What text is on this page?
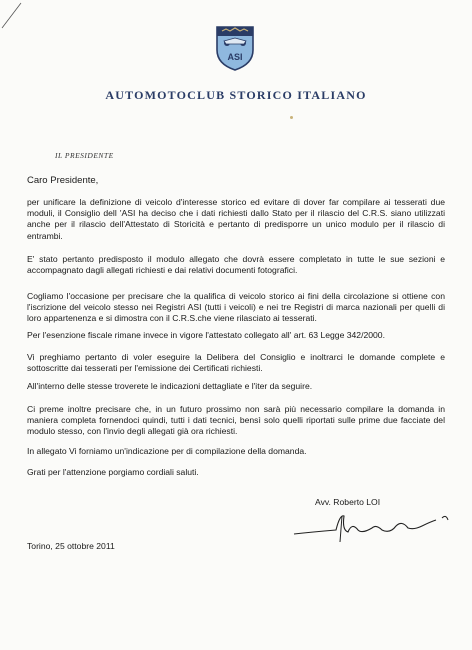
ASI
AUTOMOTOCLUB STORICO ITALIANO
IL PRESIDENTE
Caro Presidente,
per unificare la definizione di veicolo d'interesse storico ed evitare di dover far compilare ai tesserati due moduli, il Consiglio dell 'ASI ha deciso che i dati richiesti dallo Stato per il rilascio del C.R.S. siano utilizzati anche per il rilascio dell'Attestato di Storicità e pertanto di predisporre un unico modulo per il rilascio di entrambi.
E' stato pertanto predisposto il modulo allegato che dovrà essere completato in tutte le sue sezioni e accompagnato dagli allegati richiesti e dai relativi documenti fotografici.
Cogliamo l'occasione per precisare che la qualifica di veicolo storico ai fini della circolazione si ottiene con l'iscrizione del veicolo stesso nei Registri ASI (tutti i veicoli) e nei tre Registri di marca nazionali per quelli di loro appartenenza e si dimostra con il C.R.S.che viene rilasciato ai tesserati.
Per l'esenzione fiscale rimane invece in vigore l'attestato collegato all' art. 63 Legge 342/2000.
Vi preghiamo pertanto di voler eseguire la Delibera del Consiglio e inoltrarci le domande complete e sottoscritte dai tesserati per l'emissione dei Certificati richiesti.
All'interno delle stesse troverete le indicazioni dettagliate e l'iter da seguire.
Ci preme inoltre precisare che, in un futuro prossimo non sarà più necessario compilare la domanda in maniera completa fornendoci quindi, tutti i dati tecnici, bensì solo quelli riportati sulle prime due facciate del modulo stesso, con l'invio degli allegati già ora richiesti.
In allegato Vi forniamo un'indicazione per di compilazione della domanda.
Grati per l'attenzione porgiamo cordiali saluti.
Avv. Roberto LOI
Torino, 25 ottobre 2011
